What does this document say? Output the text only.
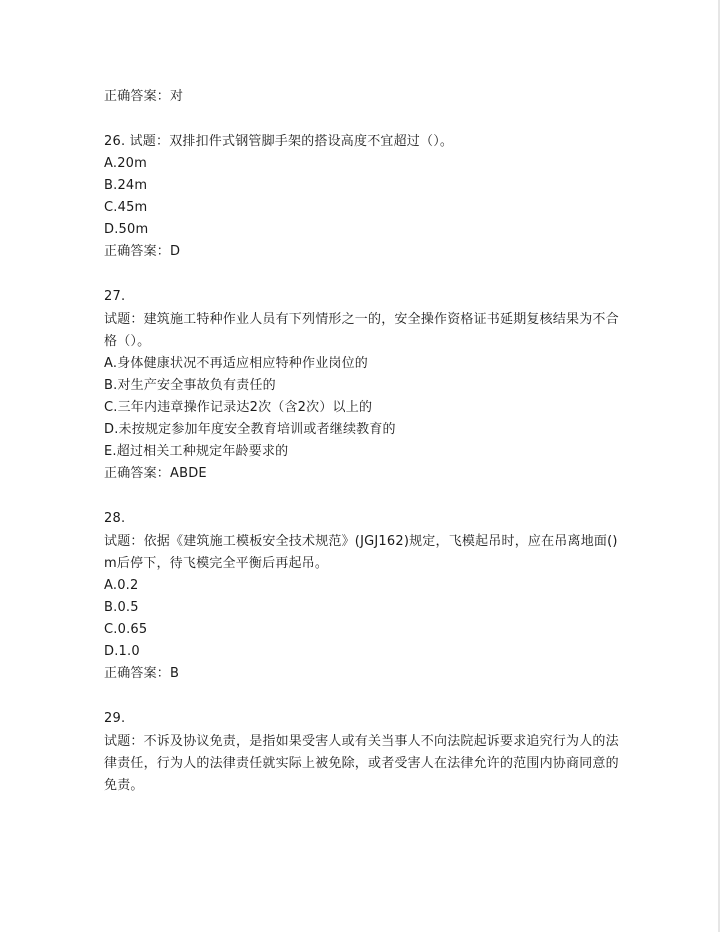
正确答案：对

26. 试题：双排扣件式钢管脚手架的搭设高度不宜超过（）。

A.20m

B.24m

C.45m

D.50m

正确答案：D

27.

试题：建筑施工特种作业人员有下列情形之一的，安全操作资格证书延期复核结果为不合

格（）。

A.身体健康状况不再适应相应特种作业岗位的

B.对生产安全事故负有责任的

C.三年内违章操作记录达2次（含2次）以上的

D.未按规定参加年度安全教育培训或者继续教育的

E.超过相关工种规定年龄要求的

正确答案：ABDE

28.

试题：依据《建筑施工模板安全技术规范》(JGJ162)规定，飞模起吊时，应在吊离地面()

m后停下，待飞模完全平衡后再起吊。

A.0.2

B.0.5

C.0.65

D.1.0

正确答案：B

29.

试题：不诉及协议免责，是指如果受害人或有关当事人不向法院起诉要求追究行为人的法

律责任，行为人的法律责任就实际上被免除，或者受害人在法律允许的范围内协商同意的

免责。
